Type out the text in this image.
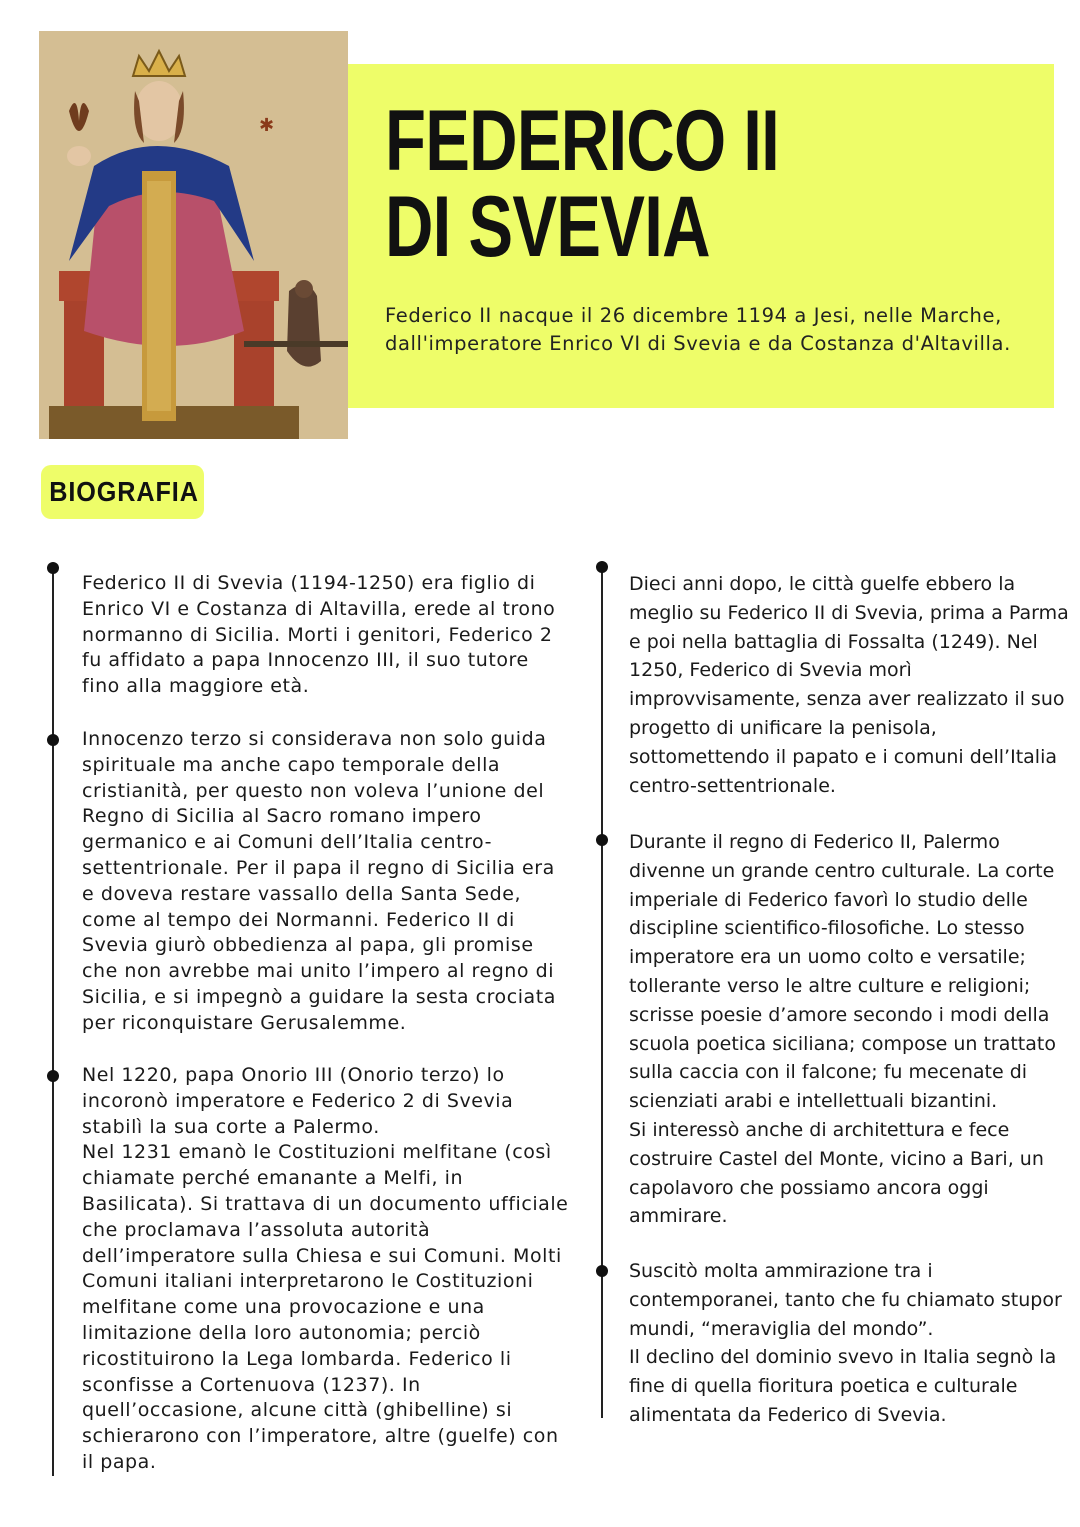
✱ FEDERICO II
DI SVEVIA
Federico II nacque il 26 dicembre 1194 a Jesi, nelle Marche,
dall'imperatore Enrico VI di Svevia e da Costanza d'Altavilla.
BIOGRAFIA

Federico II di Svevia (1194-1250) era figlio di Enrico VI e Costanza di Altavilla, erede al trono normanno di Sicilia. Morti i genitori, Federico 2 fu affidato a papa Innocenzo III, il suo tutore fino alla maggiore età.

Innocenzo terzo si considerava non solo guida spirituale ma anche capo temporale della cristianità, per questo non voleva l’unione del Regno di Sicilia al Sacro romano impero germanico e ai Comuni dell’Italia centro-settentrionale. Per il papa il regno di Sicilia era e doveva restare vassallo della Santa Sede, come al tempo dei Normanni. Federico II di Svevia giurò obbedienza al papa, gli promise che non avrebbe mai unito l’impero al regno di Sicilia, e si impegnò a guidare la sesta crociata per riconquistare Gerusalemme.

Nel 1220, papa Onorio III (Onorio terzo) lo incoronò imperatore e Federico 2 di Svevia stabilì la sua corte a Palermo.

Nel 1231 emanò le Costituzioni melfitane (così chiamate perché emanante a Melfi, in Basilicata). Si trattava di un documento ufficiale che proclamava l’assoluta autorità dell’imperatore sulla Chiesa e sui Comuni. Molti Comuni italiani interpretarono le Costituzioni melfitane come una provocazione e una limitazione della loro autonomia; perciò ricostituirono la Lega lombarda. Federico li sconfisse a Cortenuova (1237). In quell’occasione, alcune città (ghibelline) si schierarono con l’imperatore, altre (guelfe) con il papa.

Dieci anni dopo, le città guelfe ebbero la meglio su Federico II di Svevia, prima a Parma e poi nella battaglia di Fossalta (1249). Nel 1250, Federico di Svevia morì improvvisamente, senza aver realizzato il suo progetto di unificare la penisola, sottomettendo il papato e i comuni dell’Italia centro-settentrionale.

Durante il regno di Federico II, Palermo divenne un grande centro culturale. La corte imperiale di Federico favorì lo studio delle discipline scientifico-filosofiche. Lo stesso imperatore era un uomo colto e versatile; tollerante verso le altre culture e religioni; scrisse poesie d’amore secondo i modi della scuola poetica siciliana; compose un trattato sulla caccia con il falcone; fu mecenate di scienziati arabi e intellettuali bizantini.

Si interessò anche di architettura e fece costruire Castel del Monte, vicino a Bari, un capolavoro che possiamo ancora oggi ammirare.

Suscitò molta ammirazione tra i contemporanei, tanto che fu chiamato stupor mundi, “meraviglia del mondo”.

Il declino del dominio svevo in Italia segnò la fine di quella fioritura poetica e culturale alimentata da Federico di Svevia.
